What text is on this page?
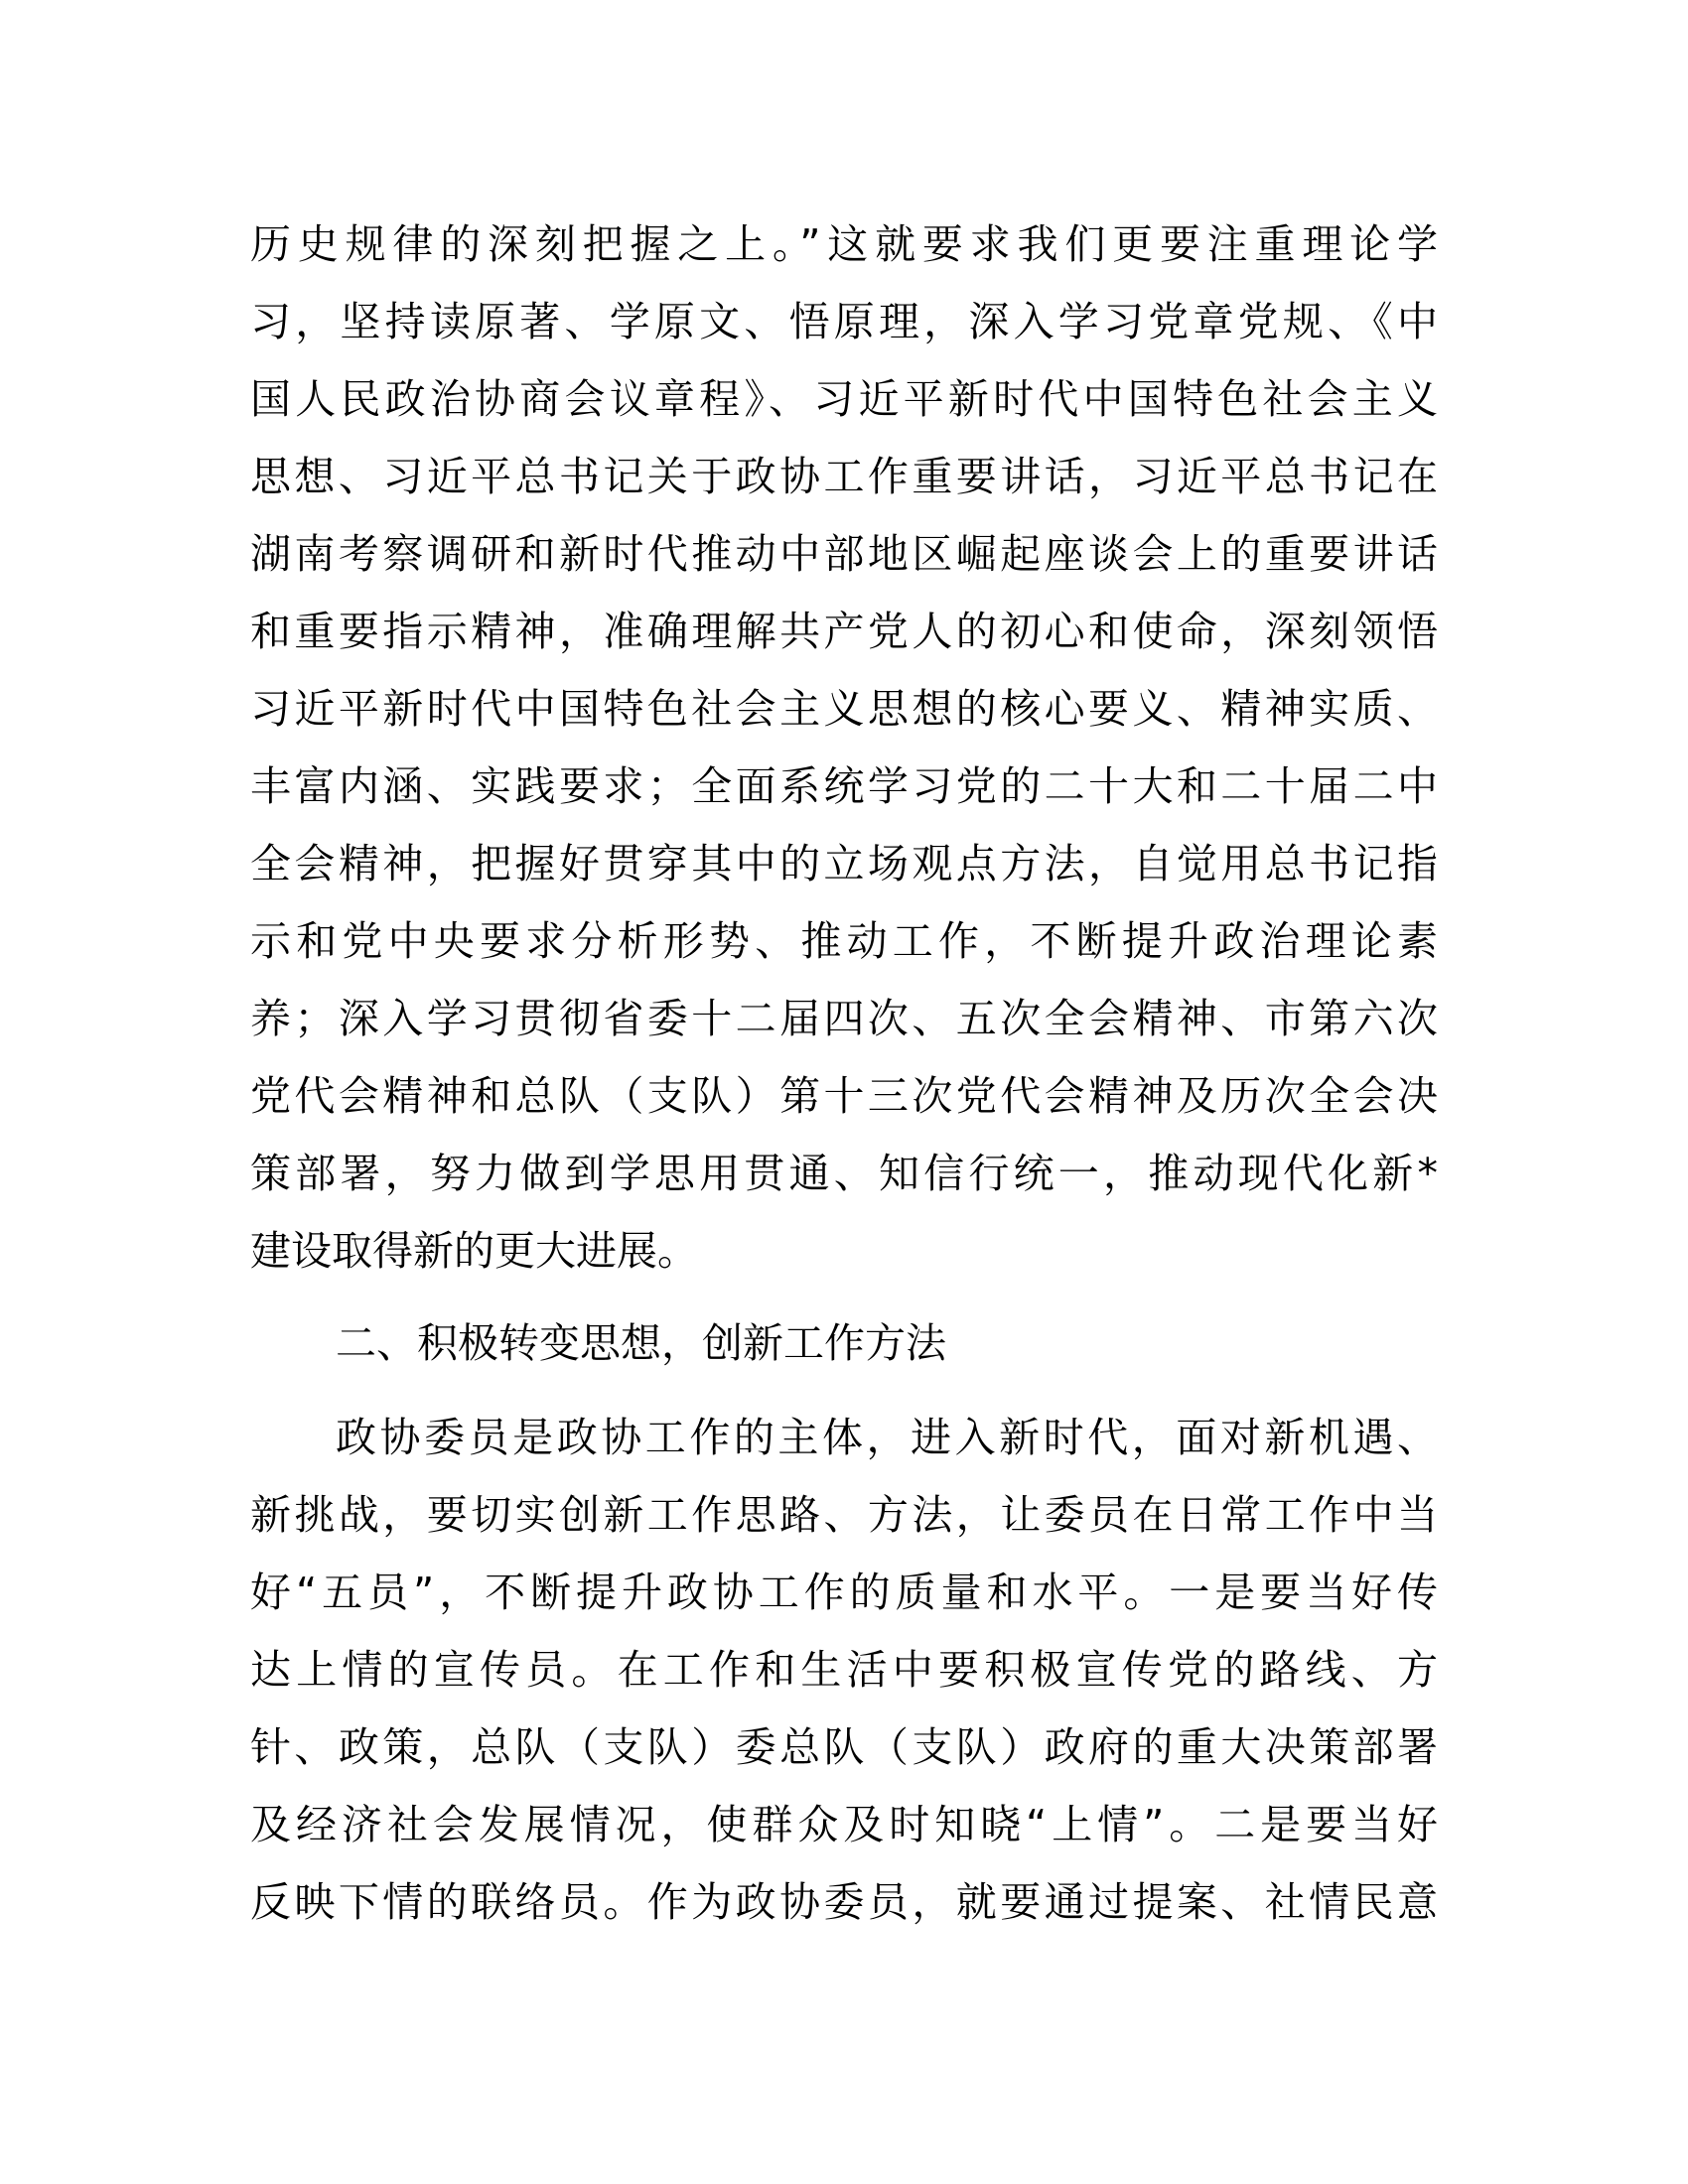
历史规律的深刻把握之上。”这就要求我们更要注重理论学
习，坚持读原著、学原文、悟原理，深入学习党章党规、《中
国人民政治协商会议章程》、习近平新时代中国特色社会主义
思想、习近平总书记关于政协工作重要讲话，习近平总书记在
湖南考察调研和新时代推动中部地区崛起座谈会上的重要讲话
和重要指示精神，准确理解共产党人的初心和使命，深刻领悟
习近平新时代中国特色社会主义思想的核心要义、精神实质、
丰富内涵、实践要求；全面系统学习党的二十大和二十届二中
全会精神，把握好贯穿其中的立场观点方法，自觉用总书记指
示和党中央要求分析形势、推动工作，不断提升政治理论素
养；深入学习贯彻省委十二届四次、五次全会精神、市第六次
党代会精神和总队（支队）第十三次党代会精神及历次全会决
策部署，努力做到学思用贯通、知信行统一，推动现代化新*
建设取得新的更大进展。
二、积极转变思想，创新工作方法
政协委员是政协工作的主体，进入新时代，面对新机遇、
新挑战，要切实创新工作思路、方法，让委员在日常工作中当
好“五员”，不断提升政协工作的质量和水平。一是要当好传
达上情的宣传员。在工作和生活中要积极宣传党的路线、方
针、政策，总队（支队）委总队（支队）政府的重大决策部署
及经济社会发展情况，使群众及时知晓“上情”。二是要当好
反映下情的联络员。作为政协委员，就要通过提案、社情民意
